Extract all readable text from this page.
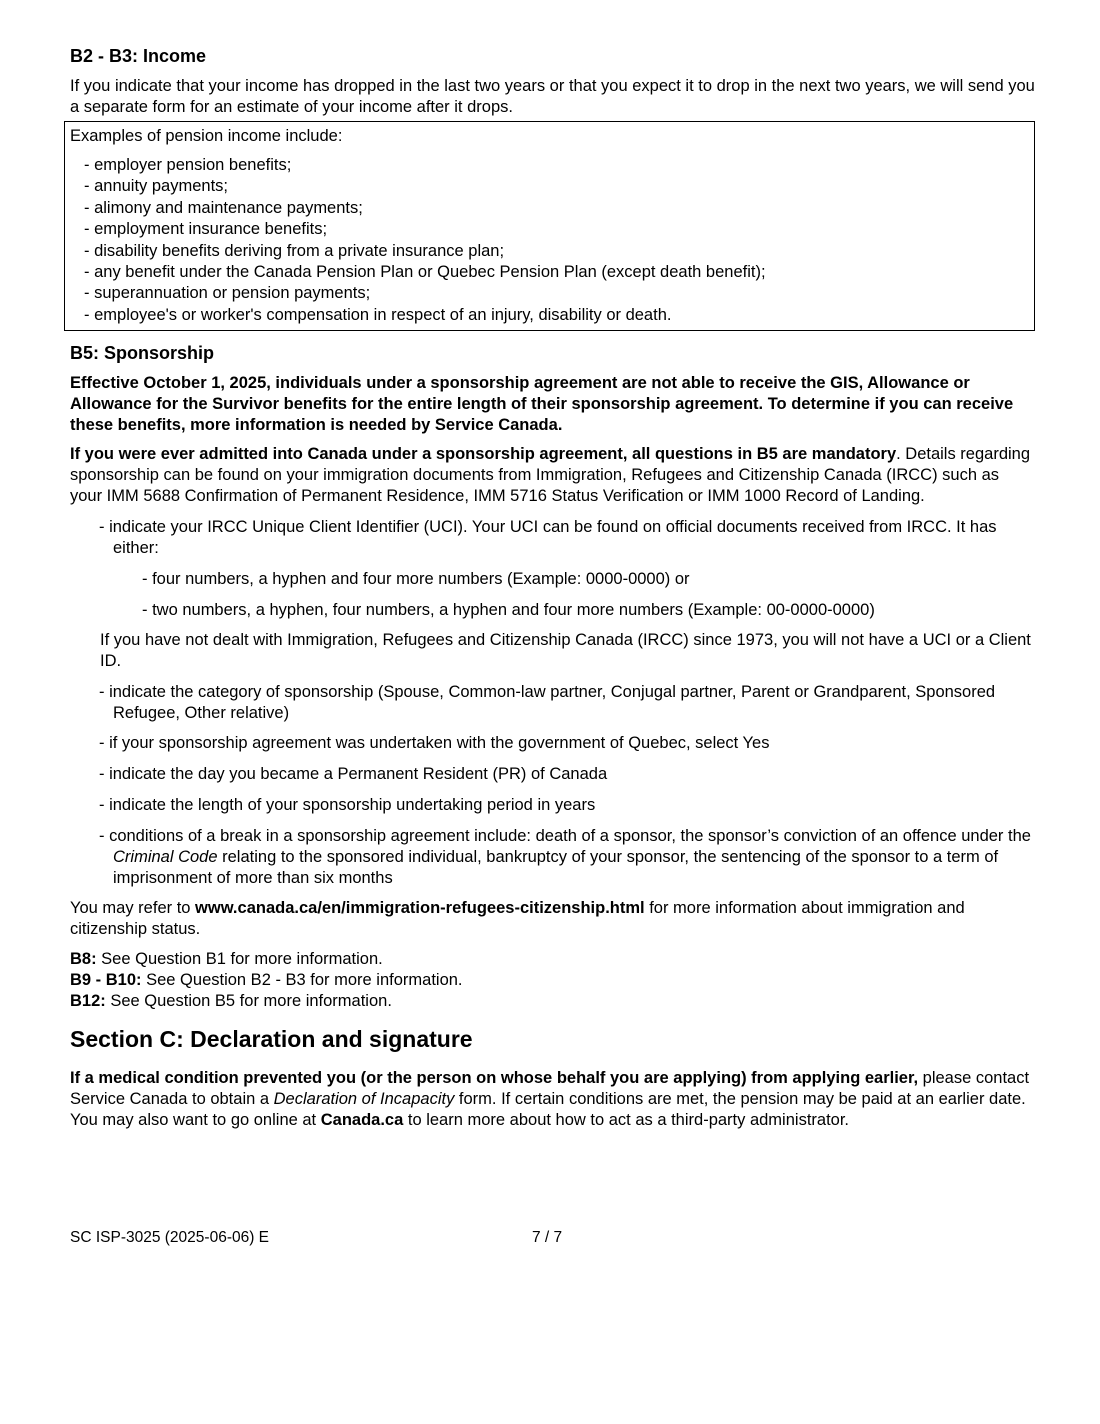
B2 - B3: Income

If you indicate that your income has dropped in the last two years or that you expect it to drop in the next two years, we will send you a separate form for an estimate of your income after it drops.

Examples of pension income include:

- employer pension benefits;
- annuity payments;
- alimony and maintenance payments;
- employment insurance benefits;
- disability benefits deriving from a private insurance plan;
- any benefit under the Canada Pension Plan or Quebec Pension Plan (except death benefit);
- superannuation or pension payments;
- employee's or worker's compensation in respect of an injury, disability or death.
B5: Sponsorship

Effective October 1, 2025, individuals under a sponsorship agreement are not able to receive the GIS, Allowance or Allowance for the Survivor benefits for the entire length of their sponsorship agreement. To determine if you can receive these benefits, more information is needed by Service Canada.

If you were ever admitted into Canada under a sponsorship agreement, all questions in B5 are mandatory. Details regarding sponsorship can be found on your immigration documents from Immigration, Refugees and Citizenship Canada (IRCC) such as your IMM 5688 Confirmation of Permanent Residence, IMM 5716 Status Verification or IMM 1000 Record of Landing.

- indicate your IRCC Unique Client Identifier (UCI). Your UCI can be found on official documents received from IRCC. It has either:

- four numbers, a hyphen and four more numbers (Example: 0000-0000) or

- two numbers, a hyphen, four numbers, a hyphen and four more numbers (Example: 00-0000-0000)

If you have not dealt with Immigration, Refugees and Citizenship Canada (IRCC) since 1973, you will not have a UCI or a Client ID.

- indicate the category of sponsorship (Spouse, Common-law partner, Conjugal partner, Parent or Grandparent, Sponsored Refugee, Other relative)

- if your sponsorship agreement was undertaken with the government of Quebec, select Yes

- indicate the day you became a Permanent Resident (PR) of Canada

- indicate the length of your sponsorship undertaking period in years

- conditions of a break in a sponsorship agreement include: death of a sponsor, the sponsor’s conviction of an offence under the Criminal Code relating to the sponsored individual, bankruptcy of your sponsor, the sentencing of the sponsor to a term of imprisonment of more than six months

You may refer to www.canada.ca/en/immigration-refugees-citizenship.html for more information about immigration and citizenship status.

B8: See Question B1 for more information.

B9 - B10: See Question B2 - B3 for more information.

B12: See Question B5 for more information.

Section C: Declaration and signature

If a medical condition prevented you (or the person on whose behalf you are applying) from applying earlier, please contact Service Canada to obtain a Declaration of Incapacity form. If certain conditions are met, the pension may be paid at an earlier date. You may also want to go online at Canada.ca to learn more about how to act as a third-party administrator.

SC ISP-3025 (2025-06-06) E	7 / 7
